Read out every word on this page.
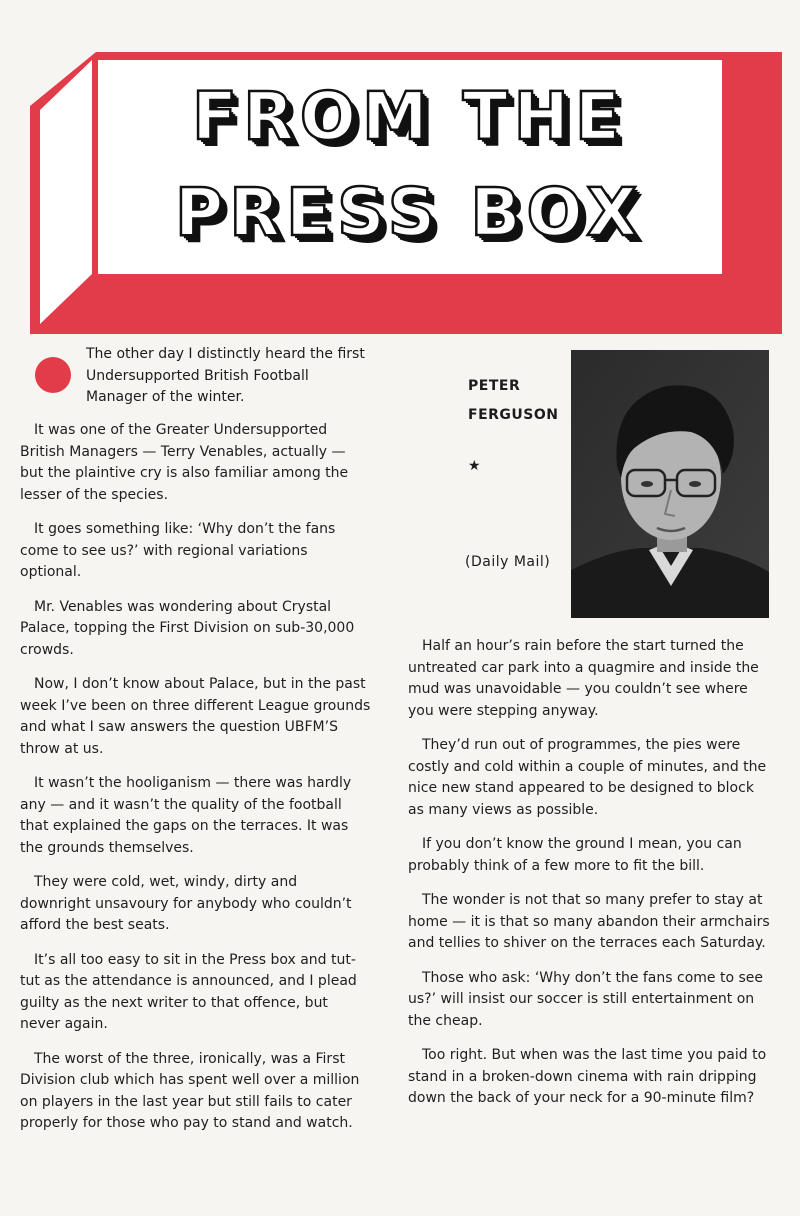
FROM THE
PRESS BOX
The other day I distinctly heard the first Undersupported British Football Manager of the winter.

It was one of the Greater Undersupported British Managers — Terry Venables, actually — but the plaintive cry is also familiar among the lesser of the species.

It goes something like: ‘Why don’t the fans come to see us?’ with regional variations optional.

Mr. Venables was wondering about Crystal Palace, topping the First Division on sub-30,000 crowds.

Now, I don’t know about Palace, but in the past week I’ve been on three different League grounds and what I saw answers the question UBFM’S throw at us.

It wasn’t the hooliganism — there was hardly any — and it wasn’t the quality of the football that explained the gaps on the terraces. It was the grounds themselves.

They were cold, wet, windy, dirty and downright unsavoury for anybody who couldn’t afford the best seats.

It’s all too easy to sit in the Press box and tut-tut as the attendance is announced, and I plead guilty as the next writer to that offence, but never again.

The worst of the three, ironically, was a First Division club which has spent well over a million on players in the last year but still fails to cater properly for those who pay to stand and watch.

PETER
FERGUSON
★
(Daily Mail)

Half an hour’s rain before the start turned the untreated car park into a quagmire and inside the mud was unavoidable — you couldn’t see where you were stepping anyway.

They’d run out of programmes, the pies were costly and cold within a couple of minutes, and the nice new stand appeared to be designed to block as many views as possible.

If you don’t know the ground I mean, you can probably think of a few more to fit the bill.

The wonder is not that so many prefer to stay at home — it is that so many abandon their armchairs and tellies to shiver on the terraces each Saturday.

Those who ask: ‘Why don’t the fans come to see us?’ will insist our soccer is still entertainment on the cheap.

Too right. But when was the last time you paid to stand in a broken-down cinema with rain dripping down the back of your neck for a 90-minute film?
